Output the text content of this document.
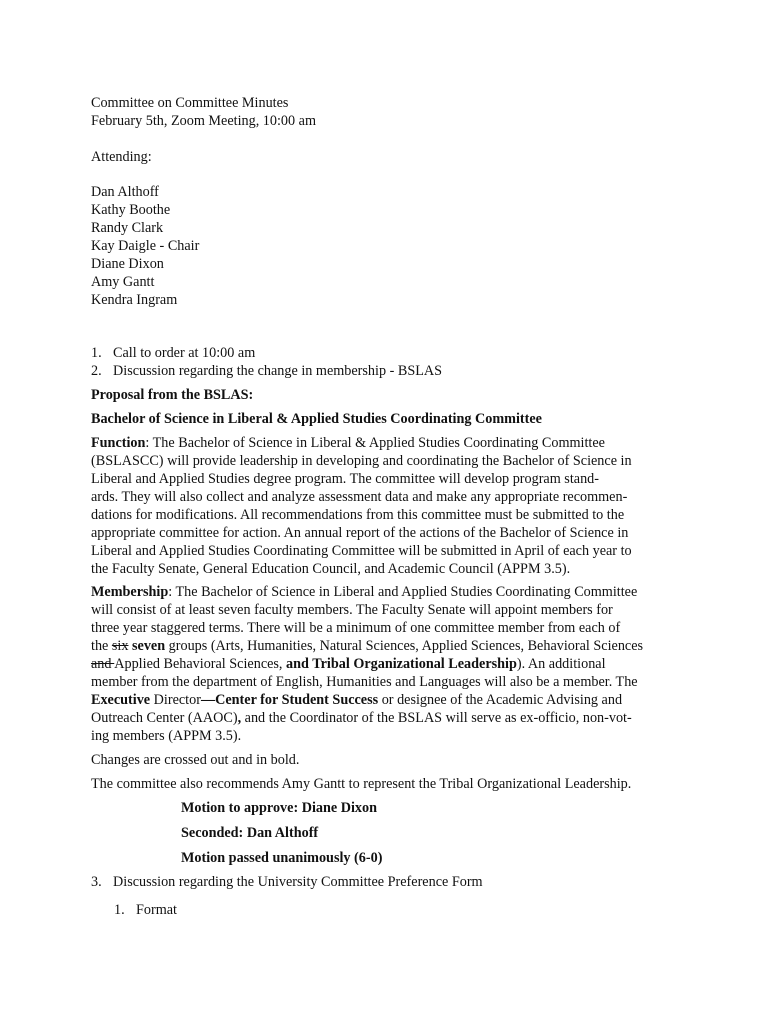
Committee on Committee Minutes
February 5th, Zoom Meeting, 10:00 am
Attending:
Dan Althoff
Kathy Boothe
Randy Clark
Kay Daigle - Chair
Diane Dixon
Amy Gantt
Kendra Ingram
1. Call to order at 10:00 am
2. Discussion regarding the change in membership - BSLAS
Proposal from the BSLAS:
Bachelor of Science in Liberal & Applied Studies Coordinating Committee
Function: The Bachelor of Science in Liberal & Applied Studies Coordinating Committee
(BSLASCC) will provide leadership in developing and coordinating the Bachelor of Science in
Liberal and Applied Studies degree program. The committee will develop program stand-
ards. They will also collect and analyze assessment data and make any appropriate recommen-
dations for modifications. All recommendations from this committee must be submitted to the
appropriate committee for action. An annual report of the actions of the Bachelor of Science in
Liberal and Applied Studies Coordinating Committee will be submitted in April of each year to
the Faculty Senate, General Education Council, and Academic Council (APPM 3.5).
Membership: The Bachelor of Science in Liberal and Applied Studies Coordinating Committee
will consist of at least seven faculty members. The Faculty Senate will appoint members for
three year staggered terms. There will be a minimum of one committee member from each of
the six seven groups (Arts, Humanities, Natural Sciences, Applied Sciences, Behavioral Sciences
and Applied Behavioral Sciences, and Tribal Organizational Leadership). An additional
member from the department of English, Humanities and Languages will also be a member. The
Executive Director—Center for Student Success or designee of the Academic Advising and
Outreach Center (AAOC), and the Coordinator of the BSLAS will serve as ex-officio, non-vot-
ing members (APPM 3.5).
Changes are crossed out and in bold.
The committee also recommends Amy Gantt to represent the Tribal Organizational Leadership.
Motion to approve: Diane Dixon
Seconded: Dan Althoff
Motion passed unanimously (6-0)
3. Discussion regarding the University Committee Preference Form
1. Format
